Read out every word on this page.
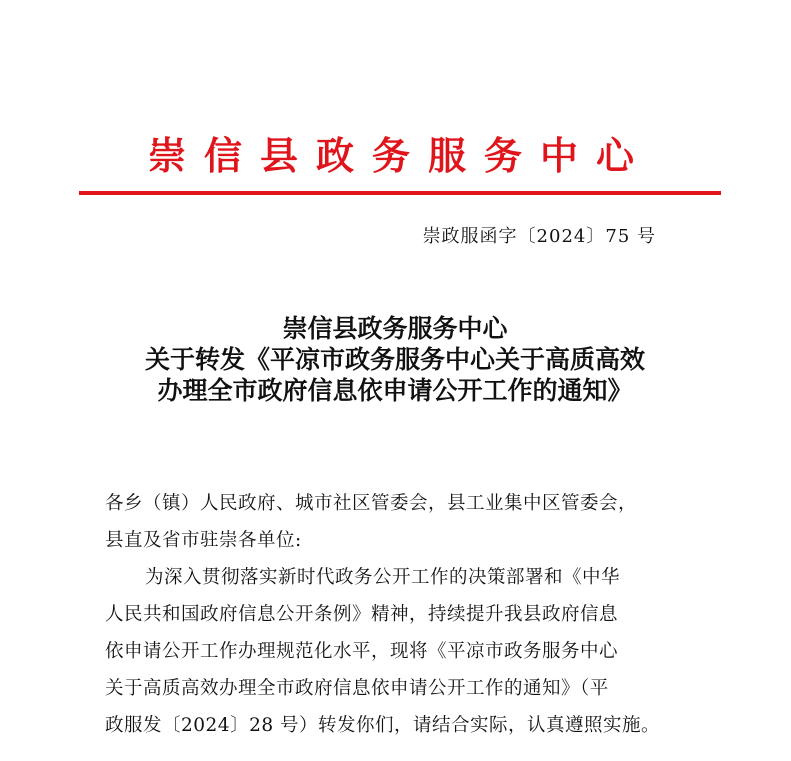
崇信县政务服务中心
崇政服函字〔2024〕75 号
崇信县政务服务中心
关于转发《平凉市政务服务中心关于高质高效
办理全市政府信息依申请公开工作的通知》

各乡（镇）人民政府、城市社区管委会，县工业集中区管委会，

县直及省市驻崇各单位:

为深入贯彻落实新时代政务公开工作的决策部署和《中华

人民共和国政府信息公开条例》精神，持续提升我县政府信息

依申请公开工作办理规范化水平，现将《平凉市政务服务中心

关于高质高效办理全市政府信息依申请公开工作的通知》（平

政服发〔2024〕28 号）转发你们，请结合实际，认真遵照实施。
